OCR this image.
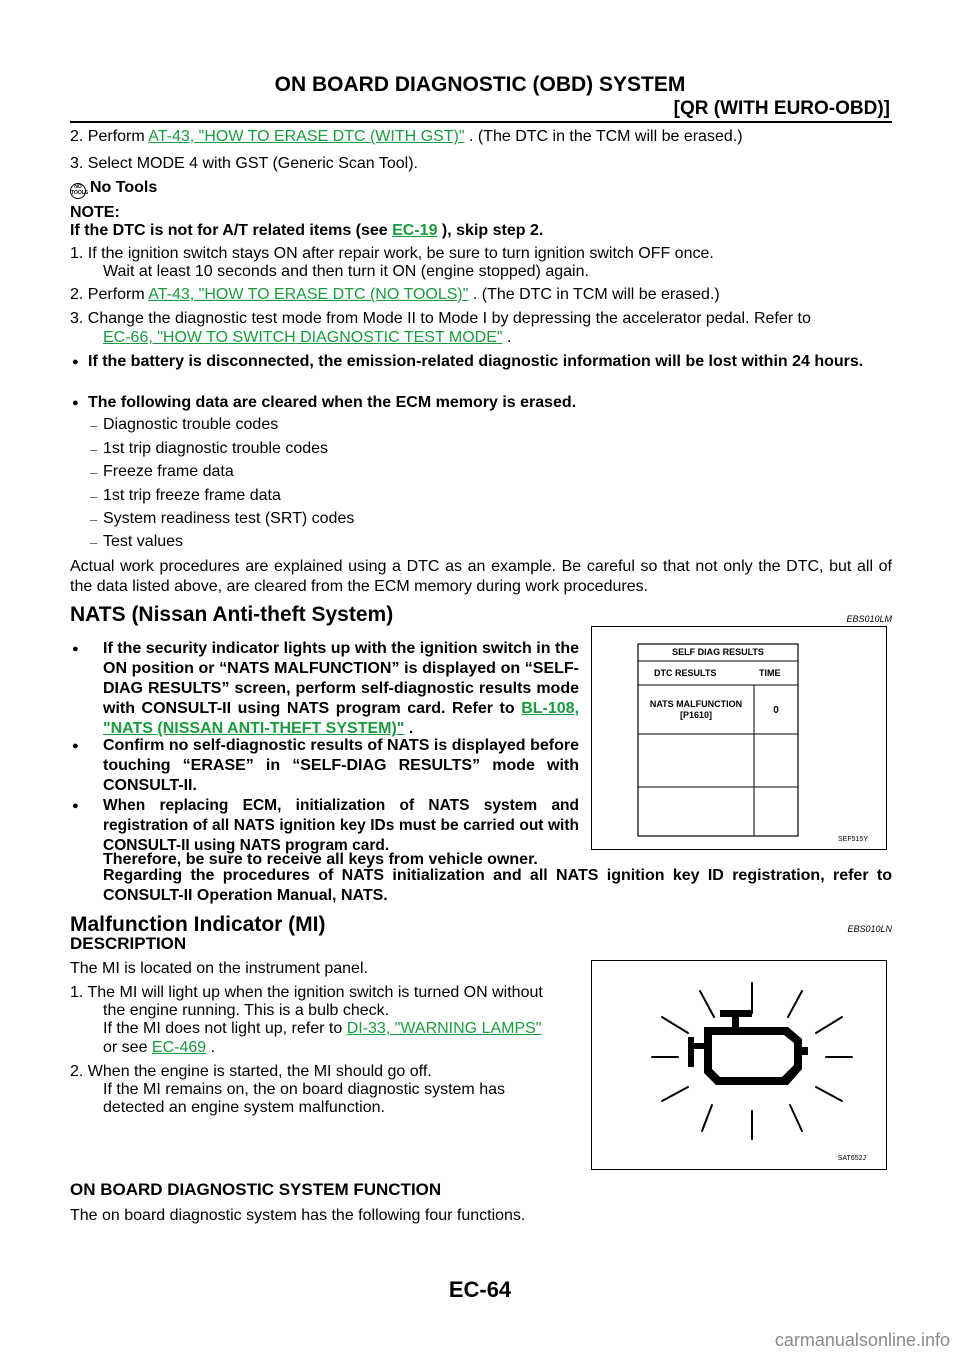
ON BOARD DIAGNOSTIC (OBD) SYSTEM
[QR (WITH EURO-OBD)]
2. Perform AT-43, "HOW TO ERASE DTC (WITH GST)" . (The DTC in the TCM will be erased.)
3. Select MODE 4 with GST (Generic Scan Tool).
NO TOOLS No Tools
NOTE:
If the DTC is not for A/T related items (see EC-19 ), skip step 2.
1. If the ignition switch stays ON after repair work, be sure to turn ignition switch OFF once.
Wait at least 10 seconds and then turn it ON (engine stopped) again.
2. Perform AT-43, "HOW TO ERASE DTC (NO TOOLS)" . (The DTC in TCM will be erased.)
3. Change the diagnostic test mode from Mode II to Mode I by depressing the accelerator pedal. Refer to
EC-66, "HOW TO SWITCH DIAGNOSTIC TEST MODE" .
● If the battery is disconnected, the emission-related diagnostic information will be lost within 24 hours.
● The following data are cleared when the ECM memory is erased.
– Diagnostic trouble codes
– 1st trip diagnostic trouble codes
– Freeze frame data
– 1st trip freeze frame data
– System readiness test (SRT) codes
– Test values
Actual work procedures are explained using a DTC as an example. Be careful so that not only the DTC, but all of the data listed above, are cleared from the ECM memory during work procedures.
NATS (Nissan Anti-theft System)	EBS010LM
●	If the security indicator lights up with the ignition switch in the ON position or “NATS MALFUNCTION” is displayed on “SELF-DIAG RESULTS” screen, perform self-diagnostic results mode with CONSULT-II using NATS program card. Refer to BL-108, "NATS (NISSAN ANTI-THEFT SYSTEM)" .
●	Confirm no self-diagnostic results of NATS is displayed before touching “ERASE” in “SELF-DIAG RESULTS” mode with CONSULT-II.
●	When replacing ECM, initialization of NATS system and registration of all NATS ignition key IDs must be carried out with CONSULT-II using NATS program card.
Therefore, be sure to receive all keys from vehicle owner.
Regarding the procedures of NATS initialization and all NATS ignition key ID registration, refer to CONSULT-II Operation Manual, NATS.
SELF DIAG RESULTS
DTC RESULTS	TIME
NATS MALFUNCTION
[P1610]	0
SEF515Y
Malfunction Indicator (MI)	EBS010LN
DESCRIPTION
The MI is located on the instrument panel.
1. The MI will light up when the ignition switch is turned ON without
the engine running. This is a bulb check.
If the MI does not light up, refer to DI-33, "WARNING LAMPS"
or see EC-469 .
2. When the engine is started, the MI should go off.
If the MI remains on, the on board diagnostic system has
detected an engine system malfunction.
SAT652J
ON BOARD DIAGNOSTIC SYSTEM FUNCTION
The on board diagnostic system has the following four functions.
EC-64
carmanualsonline.info
